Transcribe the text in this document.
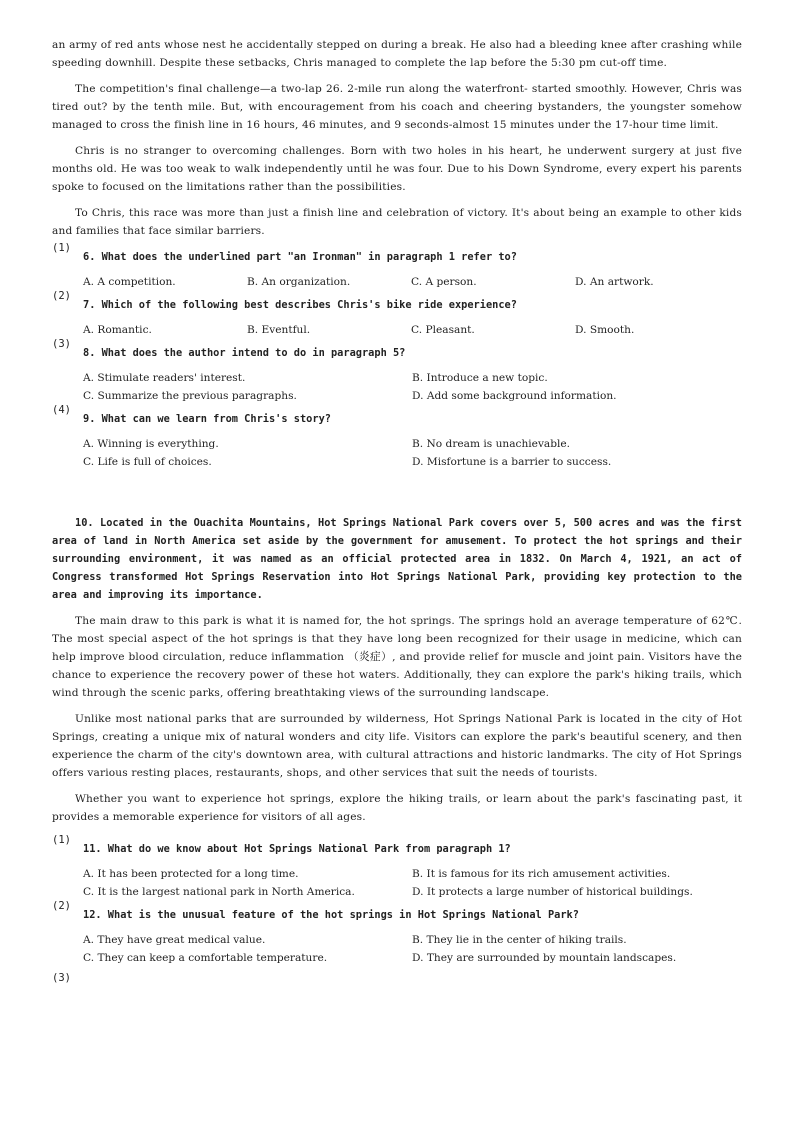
an army of red ants whose nest he accidentally stepped on during a break. He also had a bleeding knee after crashing while speeding downhill. Despite these setbacks, Chris managed to complete the lap before the 5:30 pm cut-off time.

The competition's final challenge—a two-lap 26. 2-mile run along the waterfront- started smoothly. However, Chris was tired out? by the tenth mile. But, with encouragement from his coach and cheering bystanders, the youngster somehow managed to cross the finish line in 16 hours, 46 minutes, and 9 seconds-almost 15 minutes under the 17-hour time limit.

Chris is no stranger to overcoming challenges. Born with two holes in his heart, he underwent surgery at just five months old. He was too weak to walk independently until he was four. Due to his Down Syndrome, every expert his parents spoke to focused on the limitations rather than the possibilities.

To Chris, this race was more than just a finish line and celebration of victory. It's about being an example to other kids and families that face similar barriers.

(1)
6. What does the underlined part "an Ironman" in paragraph 1 refer to?
A. A competition.	B. An organization.	C. A person.	D. An artwork.
(2)
7. Which of the following best describes Chris's bike ride experience?
A. Romantic.	B. Eventful.	C. Pleasant.	D. Smooth.
(3)
8. What does the author intend to do in paragraph 5?
A. Stimulate readers' interest.	B. Introduce a new topic.
C. Summarize the previous paragraphs.	D. Add some background information.
(4)
9. What can we learn from Chris's story?
A. Winning is everything.	B. No dream is unachievable.
C. Life is full of choices.	D. Misfortune is a barrier to success.

10. Located in the Ouachita Mountains, Hot Springs National Park covers over 5, 500 acres and was the first area of land in North America set aside by the government for amusement. To protect the hot springs and their surrounding environment, it was named as an official protected area in 1832. On March 4, 1921, an act of Congress transformed Hot Springs Reservation into Hot Springs National Park, providing key protection to the area and improving its importance.

The main draw to this park is what it is named for, the hot springs. The springs hold an average temperature of 62℃. The most special aspect of the hot springs is that they have long been recognized for their usage in medicine, which can help improve blood circulation, reduce inflammation （炎症）, and provide relief for muscle and joint pain. Visitors have the chance to experience the recovery power of these hot waters. Additionally, they can explore the park's hiking trails, which wind through the scenic parks, offering breathtaking views of the surrounding landscape.

Unlike most national parks that are surrounded by wilderness, Hot Springs National Park is located in the city of Hot Springs, creating a unique mix of natural wonders and city life. Visitors can explore the park's beautiful scenery, and then experience the charm of the city's downtown area, with cultural attractions and historic landmarks. The city of Hot Springs offers various resting places, restaurants, shops, and other services that suit the needs of tourists.

Whether you want to experience hot springs, explore the hiking trails, or learn about the park's fascinating past, it provides a memorable experience for visitors of all ages.

(1)
11. What do we know about Hot Springs National Park from paragraph 1?
A. It has been protected for a long time.	B. It is famous for its rich amusement activities.
C. It is the largest national park in North America.	D. It protects a large number of historical buildings.
(2)
12. What is the unusual feature of the hot springs in Hot Springs National Park?
A. They have great medical value.	B. They lie in the center of hiking trails.
C. They can keep a comfortable temperature.	D. They are surrounded by mountain landscapes.
(3)
